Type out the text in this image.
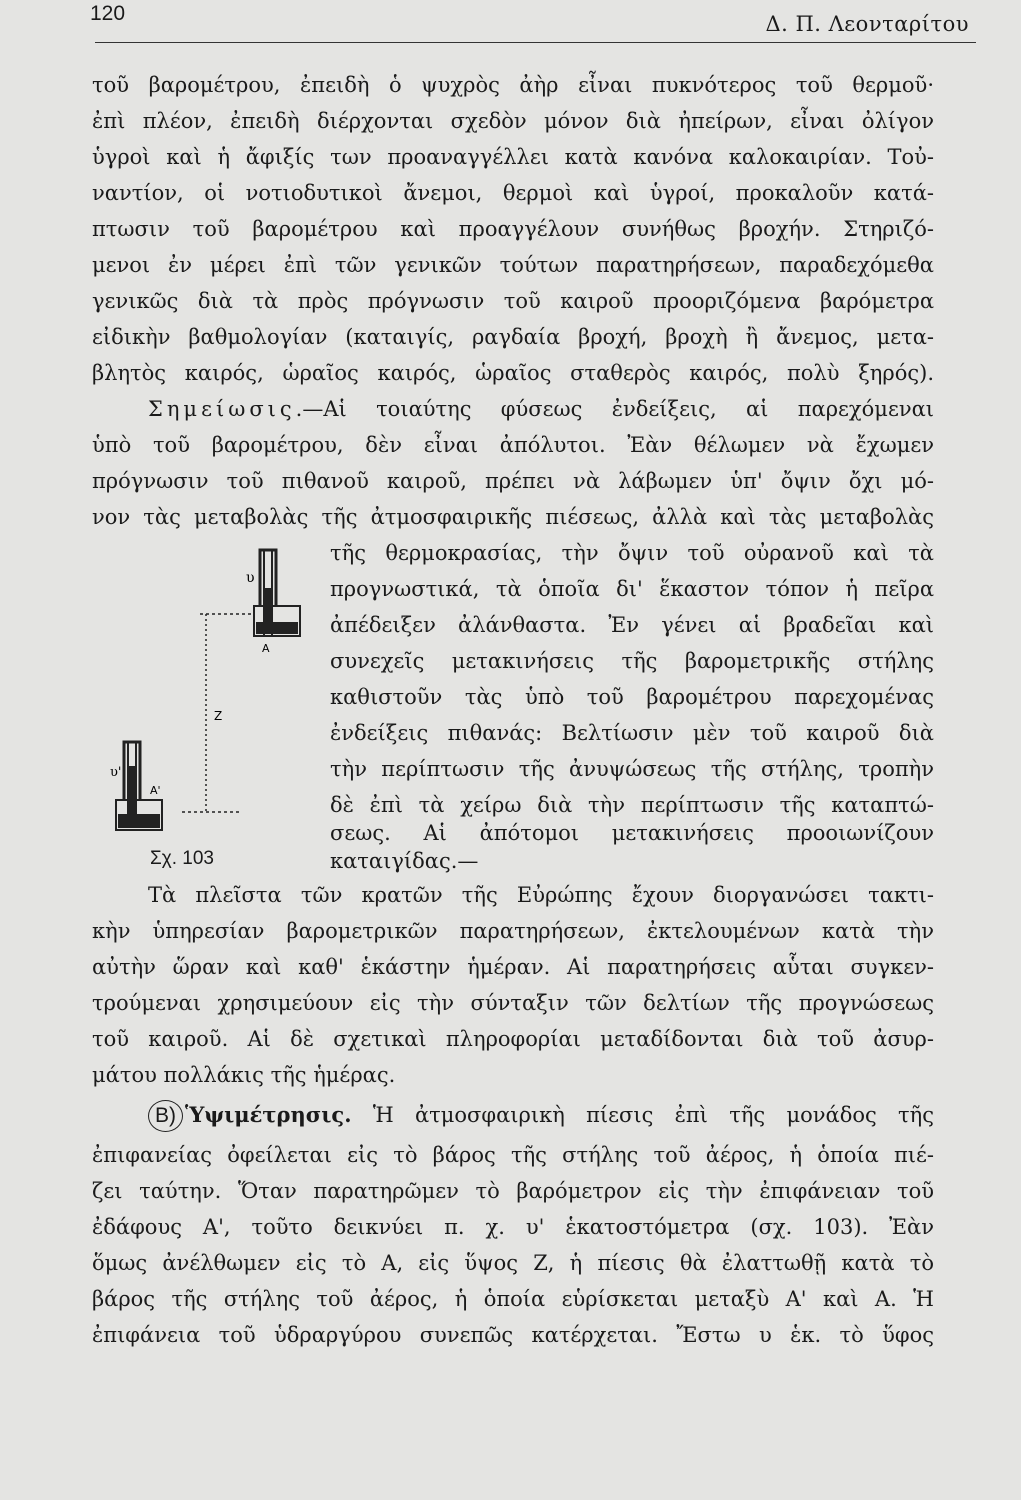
120	Δ. Π. Λεονταρίτου
τοῦ βαρομέτρου, ἐπειδὴ ὁ ψυχρὸς ἀὴρ εἶναι πυκνότερος τοῦ θερμοῦ·
ἐπὶ πλέον, ἐπειδὴ διέρχονται σχεδὸν μόνον διὰ ἠπείρων, εἶναι ὀλίγον
ὑγροὶ καὶ ἡ ἄφιξίς των προαναγγέλλει κατὰ κανόνα καλοκαιρίαν. Τοὐ-
ναντίον, οἱ νοτιοδυτικοὶ ἄνεμοι, θερμοὶ καὶ ὑγροί, προκαλοῦν κατά-
πτωσιν τοῦ βαρομέτρου καὶ προαγγέλουν συνήθως βροχήν. Στηριζό-
μενοι ἐν μέρει ἐπὶ τῶν γενικῶν τούτων παρατηρήσεων, παραδεχόμεθα
γενικῶς διὰ τὰ πρὸς πρόγνωσιν τοῦ καιροῦ προοριζόμενα βαρόμετρα
εἰδικὴν βαθμολογίαν (καταιγίς, ραγδαία βροχή, βροχὴ ἢ ἄνεμος, μετα-
βλητὸς καιρός, ὡραῖος καιρός, ὡραῖος σταθερὸς καιρός, πολὺ ξηρός).
Σημείωσις.—Αἱ τοιαύτης φύσεως ἐνδείξεις, αἱ παρεχόμεναι
ὑπὸ τοῦ βαρομέτρου, δὲν εἶναι ἀπόλυτοι. Ἐὰν θέλωμεν νὰ ἔχωμεν
πρόγνωσιν τοῦ πιθανοῦ καιροῦ, πρέπει νὰ λάβωμεν ὑπ' ὄψιν ὄχι μό-
νον τὰς μεταβολὰς τῆς ἀτμοσφαιρικῆς πιέσεως, ἀλλὰ καὶ τὰς μεταβολὰς
τῆς θερμοκρασίας, τὴν ὄψιν τοῦ οὐρανοῦ καὶ τὰ
προγνωστικά, τὰ ὁποῖα δι' ἕκαστον τόπον ἡ πεῖρα
ἀπέδειξεν ἀλάνθαστα. Ἐν γένει αἱ βραδεῖαι καὶ
συνεχεῖς μετακινήσεις τῆς βαρομετρικῆς στήλης
καθιστοῦν τὰς ὑπὸ τοῦ βαρομέτρου παρεχομένας
ἐνδείξεις πιθανάς: Βελτίωσιν μὲν τοῦ καιροῦ διὰ
τὴν περίπτωσιν τῆς ἀνυψώσεως τῆς στήλης, τροπὴν
δὲ ἐπὶ τὰ χείρω διὰ τὴν περίπτωσιν τῆς καταπτώ-
σεως. Αἱ ἀπότομοι μετακινήσεις προοιωνίζουν
καταιγίδας.—
υ
A
Z
υ'
A'
Σχ. 103
Τὰ πλεῖστα τῶν κρατῶν τῆς Εὐρώπης ἔχουν διοργανώσει τακτι-
κὴν ὑπηρεσίαν βαρομετρικῶν παρατηρήσεων, ἐκτελουμένων κατὰ τὴν
αὐτὴν ὥραν καὶ καθ' ἑκάστην ἡμέραν. Αἱ παρατηρήσεις αὗται συγκεν-
τρούμεναι χρησιμεύουν εἰς τὴν σύνταξιν τῶν δελτίων τῆς προγνώσεως
τοῦ καιροῦ. Αἱ δὲ σχετικαὶ πληροφορίαι μεταδίδονται διὰ τοῦ ἀσυρ-
μάτου πολλάκις τῆς ἡμέρας.
Β) Ὑψιμέτρησις. Ἡ ἀτμοσφαιρικὴ πίεσις ἐπὶ τῆς μονάδος τῆς
ἐπιφανείας ὀφείλεται εἰς τὸ βάρος τῆς στήλης τοῦ ἀέρος, ἡ ὁποία πιέ-
ζει ταύτην. Ὅταν παρατηρῶμεν τὸ βαρόμετρον εἰς τὴν ἐπιφάνειαν τοῦ
ἐδάφους Α', τοῦτο δεικνύει π. χ. υ' ἑκατοστόμετρα (σχ. 103). Ἐὰν
ὅμως ἀνέλθωμεν εἰς τὸ Α, εἰς ὕψος Ζ, ἡ πίεσις θὰ ἐλαττωθῇ κατὰ τὸ
βάρος τῆς στήλης τοῦ ἀέρος, ἡ ὁποία εὑρίσκεται μεταξὺ Α' καὶ Α. Ἡ
ἐπιφάνεια τοῦ ὑδραργύρου συνεπῶς κατέρχεται. Ἔστω υ ἑκ. τὸ ὕφος
